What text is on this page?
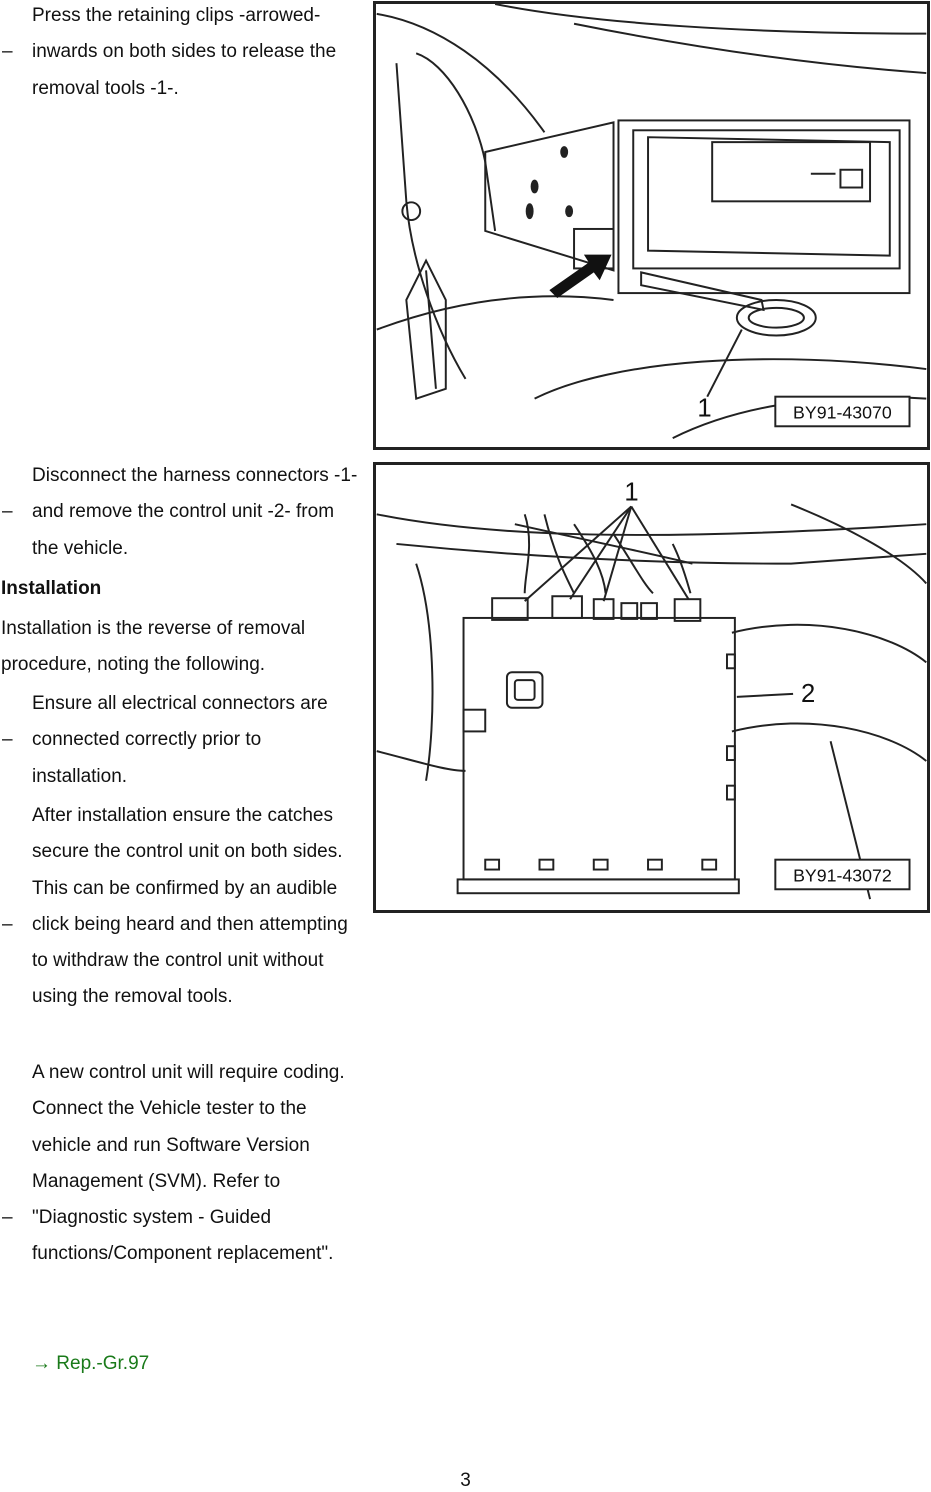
–
Press the retaining clips -arrowed- inwards on both sides to release the removal tools -1-.
–
Disconnect the harness connectors -1- and remove the control unit -2- from the vehicle.
Installation
Installation is the reverse of removal procedure, noting the following.
–
Ensure all electrical connectors are connected correctly prior to installation.
–
After installation ensure the catches secure the control unit on both sides. This can be confirmed by an audible click being heard and then attempting to withdraw the control unit without using the removal tools.
–
A new control unit will require coding. Connect the Vehicle tester to the vehicle and run Software Version Management (SVM). Refer to "Diagnostic system - Guided functions/Component replacement".
→ Rep.-Gr.97
1	BY91-43070
1
2
BY91-43072
3
